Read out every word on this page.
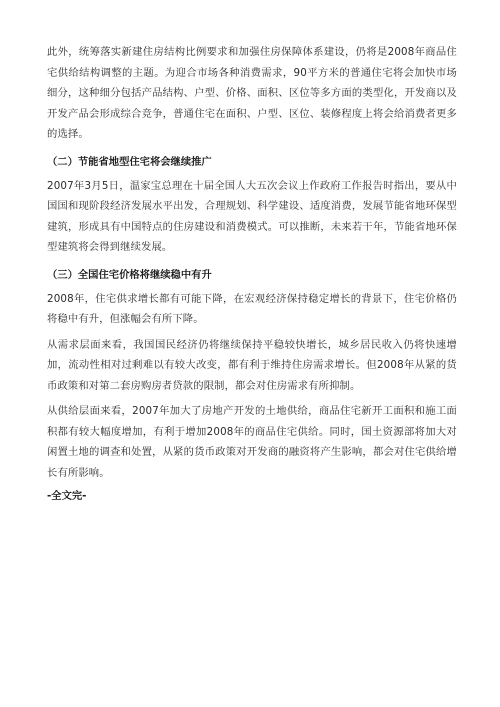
此外，统筹落实新建住房结构比例要求和加强住房保障体系建设，仍将是2008年商品住宅供给结构调整的主题。为迎合市场各种消费需求，90平方米的普通住宅将会加快市场细分，这种细分包括产品结构、户型、价格、面积、区位等多方面的类型化，开发商以及开发产品会形成综合竞争，普通住宅在面积、户型、区位、装修程度上将会给消费者更多的选择。

（二）节能省地型住宅将会继续推广

2007年3月5日，温家宝总理在十届全国人大五次会议上作政府工作报告时指出，要从中国国和现阶段经济发展水平出发，合理规划、科学建设、适度消费，发展节能省地环保型建筑，形成具有中国特点的住房建设和消费模式。可以推断，未来若干年，节能省地环保型建筑将会得到继续发展。

（三）全国住宅价格将继续稳中有升

2008年，住宅供求增长都有可能下降，在宏观经济保持稳定增长的背景下，住宅价格仍将稳中有升，但涨幅会有所下降。

从需求层面来看，我国国民经济仍将继续保持平稳较快增长，城乡居民收入仍将快速增加，流动性相对过剩难以有较大改变，都有利于维持住房需求增长。但2008年从紧的货币政策和对第二套房购房者贷款的限制，都会对住房需求有所抑制。

从供给层面来看，2007年加大了房地产开发的土地供给，商品住宅新开工面积和施工面积都有较大幅度增加，有利于增加2008年的商品住宅供给。同时，国土资源部将加大对闲置土地的调查和处置，从紧的货币政策对开发商的融资将产生影响，都会对住宅供给增长有所影响。

-全文完-
